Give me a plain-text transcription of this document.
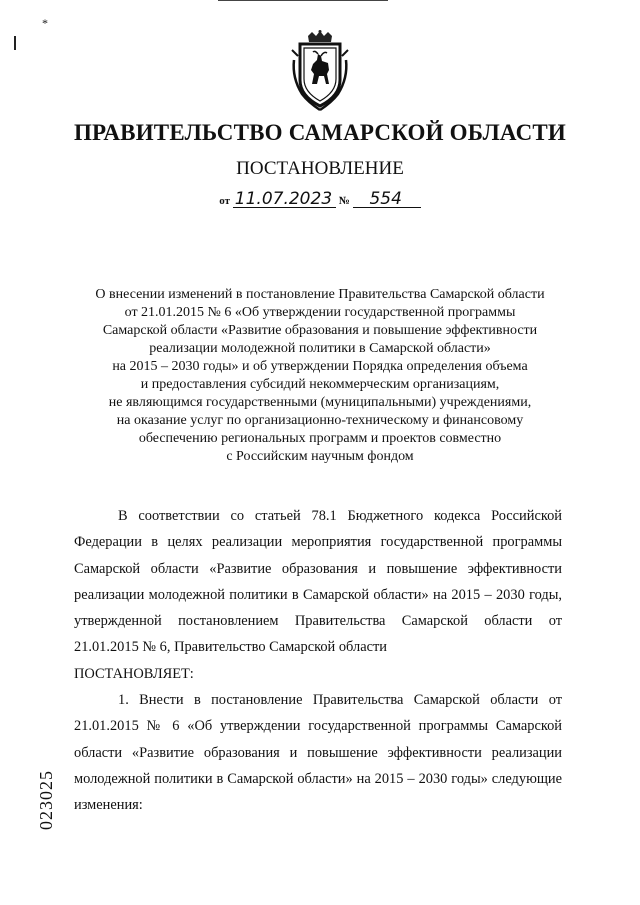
*
ПРАВИТЕЛЬСТВО САМАРСКОЙ ОБЛАСТИ
ПОСТАНОВЛЕНИЕ
от 11.07.2023 № 554
О внесении изменений в постановление Правительства Самарской области
от 21.01.2015 № 6 «Об утверждении государственной программы
Самарской области «Развитие образования и повышение эффективности
реализации молодежной политики в Самарской области»
на 2015 – 2030 годы» и об утверждении Порядка определения объема
и предоставления субсидий некоммерческим организациям,
не являющимся государственными (муниципальными) учреждениями,
на оказание услуг по организационно-техническому и финансовому
обеспечению региональных программ и проектов совместно
с Российским научным фондом

В соответствии со статьей 78.1 Бюджетного кодекса Российской Федерации в целях реализации мероприятия государственной программы Самарской области «Развитие образования и повышение эффективности реализации молодежной политики в Самарской области» на 2015 – 2030 годы, утвержденной постановлением Правительства Самарской области от 21.01.2015 № 6, Правительство Самарской области

ПОСТАНОВЛЯЕТ:

1. Внести в постановление Правительства Самарской области от 21.01.2015 № 6 «Об утверждении государственной программы Самарской области «Развитие образования и повышение эффективности реализации молодежной политики в Самарской области» на 2015 – 2030 годы» следующие изменения:

023025
